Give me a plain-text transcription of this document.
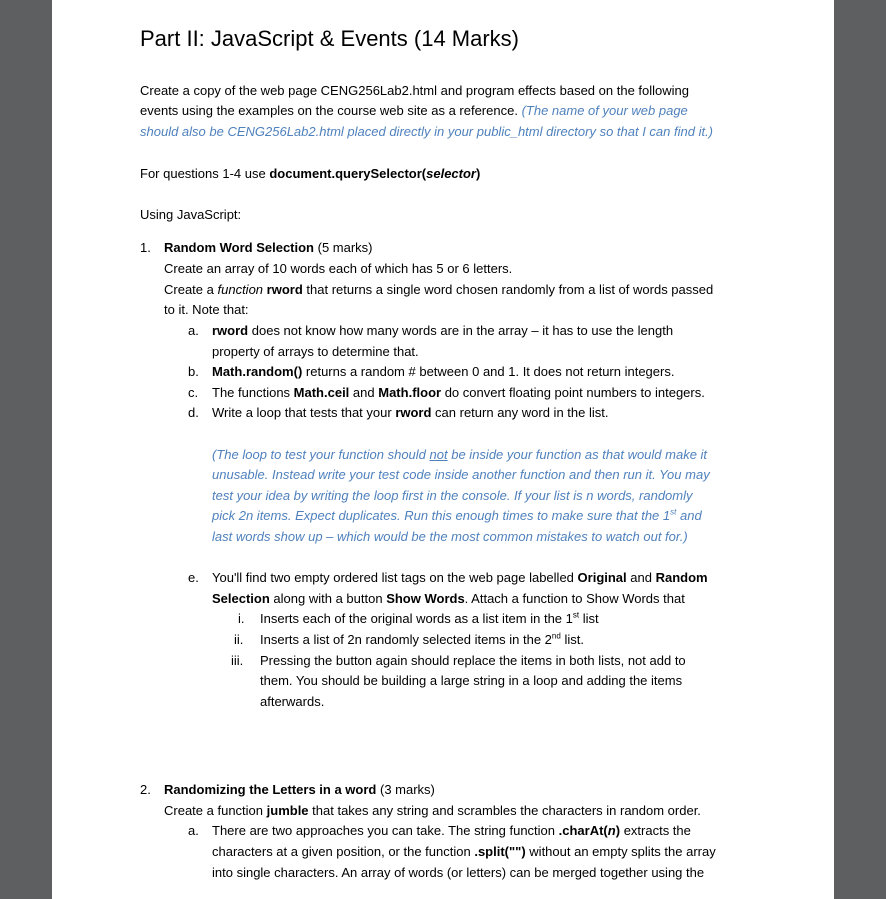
Part II: JavaScript & Events (14 Marks)
Create a copy of the web page CENG256Lab2.html and program effects based on the following
events using the examples on the course web site as a reference. (The name of your web page
should also be CENG256Lab2.html placed directly in your public_html directory so that I can find it.)
For questions 1-4 use document.querySelector(selector)
Using JavaScript:
1. Random Word Selection (5 marks)
Create an array of 10 words each of which has 5 or 6 letters.
Create a function rword that returns a single word chosen randomly from a list of words passed
to it. Note that:
a. rword does not know how many words are in the array – it has to use the length
property of arrays to determine that.
b. Math.random() returns a random # between 0 and 1. It does not return integers.
c. The functions Math.ceil and Math.floor do convert floating point numbers to integers.
d. Write a loop that tests that your rword can return any word in the list.
(The loop to test your function should not be inside your function as that would make it
unusable. Instead write your test code inside another function and then run it. You may
test your idea by writing the loop first in the console. If your list is n words, randomly
pick 2n items. Expect duplicates. Run this enough times to make sure that the 1st and
last words show up – which would be the most common mistakes to watch out for.)
e. You'll find two empty ordered list tags on the web page labelled Original and Random
Selection along with a button Show Words. Attach a function to Show Words that
i. Inserts each of the original words as a list item in the 1st list
ii. Inserts a list of 2n randomly selected items in the 2nd list.
iii. Pressing the button again should replace the items in both lists, not add to
them. You should be building a large string in a loop and adding the items
afterwards.
2. Randomizing the Letters in a word (3 marks)
Create a function jumble that takes any string and scrambles the characters in random order.
a. There are two approaches you can take. The string function .charAt(n) extracts the
characters at a given position, or the function .split("") without an empty splits the array
into single characters. An array of words (or letters) can be merged together using the
